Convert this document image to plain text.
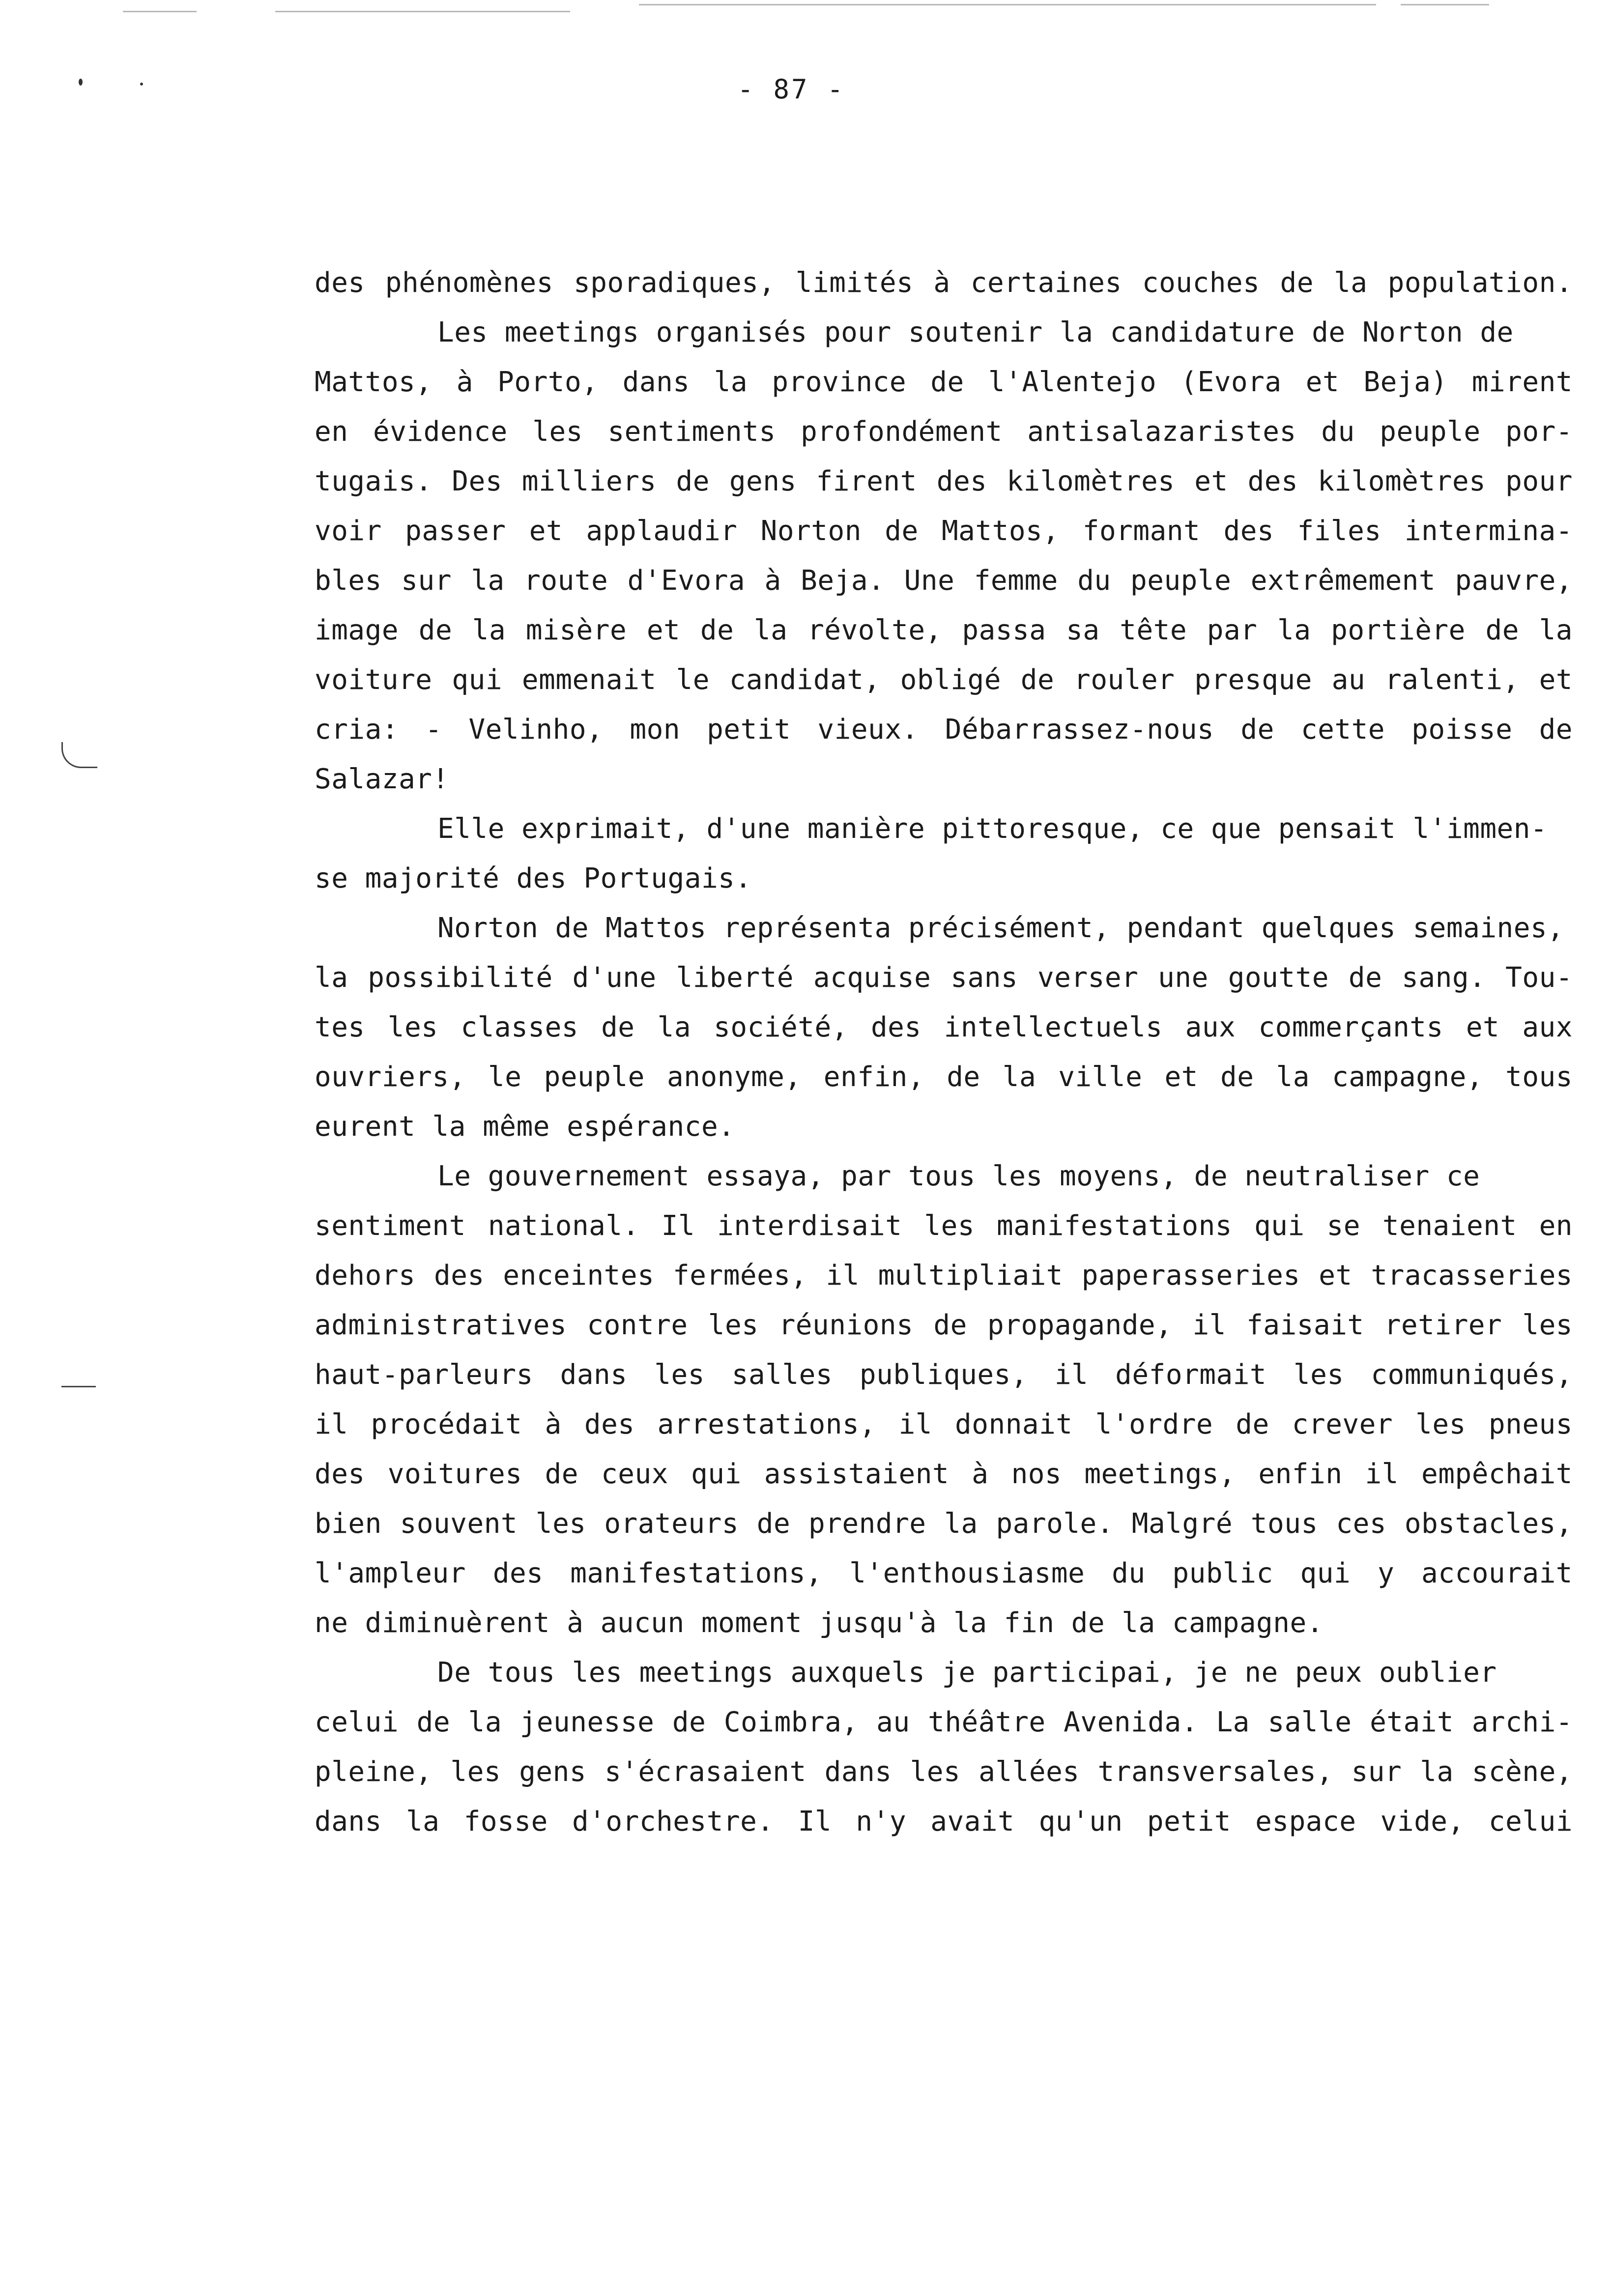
- 87 -
des phénomènes sporadiques, limités à certaines couches de la population.
Les meetings organisés pour soutenir la candidature de Norton de
Mattos, à Porto, dans la province de l'Alentejo (Evora et Beja) mirent
en évidence les sentiments profondément antisalazaristes du peuple por-
tugais. Des milliers de gens firent des kilomètres et des kilomètres pour
voir passer et applaudir Norton de Mattos, formant des files intermina-
bles sur la route d'Evora à Beja. Une femme du peuple extrêmement pauvre,
image de la misère et de la révolte, passa sa tête par la portière de la
voiture qui emmenait le candidat, obligé de rouler presque au ralenti, et
cria: - Velinho, mon petit vieux. Débarrassez-nous de cette poisse de
Salazar!
Elle exprimait, d'une manière pittoresque, ce que pensait l'immen-
se majorité des Portugais.
Norton de Mattos représenta précisément, pendant quelques semaines,
la possibilité d'une liberté acquise sans verser une goutte de sang. Tou-
tes les classes de la société, des intellectuels aux commerçants et aux
ouvriers, le peuple anonyme, enfin, de la ville et de la campagne, tous
eurent la même espérance.
Le gouvernement essaya, par tous les moyens, de neutraliser ce
sentiment national. Il interdisait les manifestations qui se tenaient en
dehors des enceintes fermées, il multipliait paperasseries et tracasseries
administratives contre les réunions de propagande, il faisait retirer les
haut-parleurs dans les salles publiques, il déformait les communiqués,
il procédait à des arrestations, il donnait l'ordre de crever les pneus
des voitures de ceux qui assistaient à nos meetings, enfin il empêchait
bien souvent les orateurs de prendre la parole. Malgré tous ces obstacles,
l'ampleur des manifestations, l'enthousiasme du public qui y accourait
ne diminuèrent à aucun moment jusqu'à la fin de la campagne.
De tous les meetings auxquels je participai, je ne peux oublier
celui de la jeunesse de Coimbra, au théâtre Avenida. La salle était archi-
pleine, les gens s'écrasaient dans les allées transversales, sur la scène,
dans la fosse d'orchestre. Il n'y avait qu'un petit espace vide, celui
